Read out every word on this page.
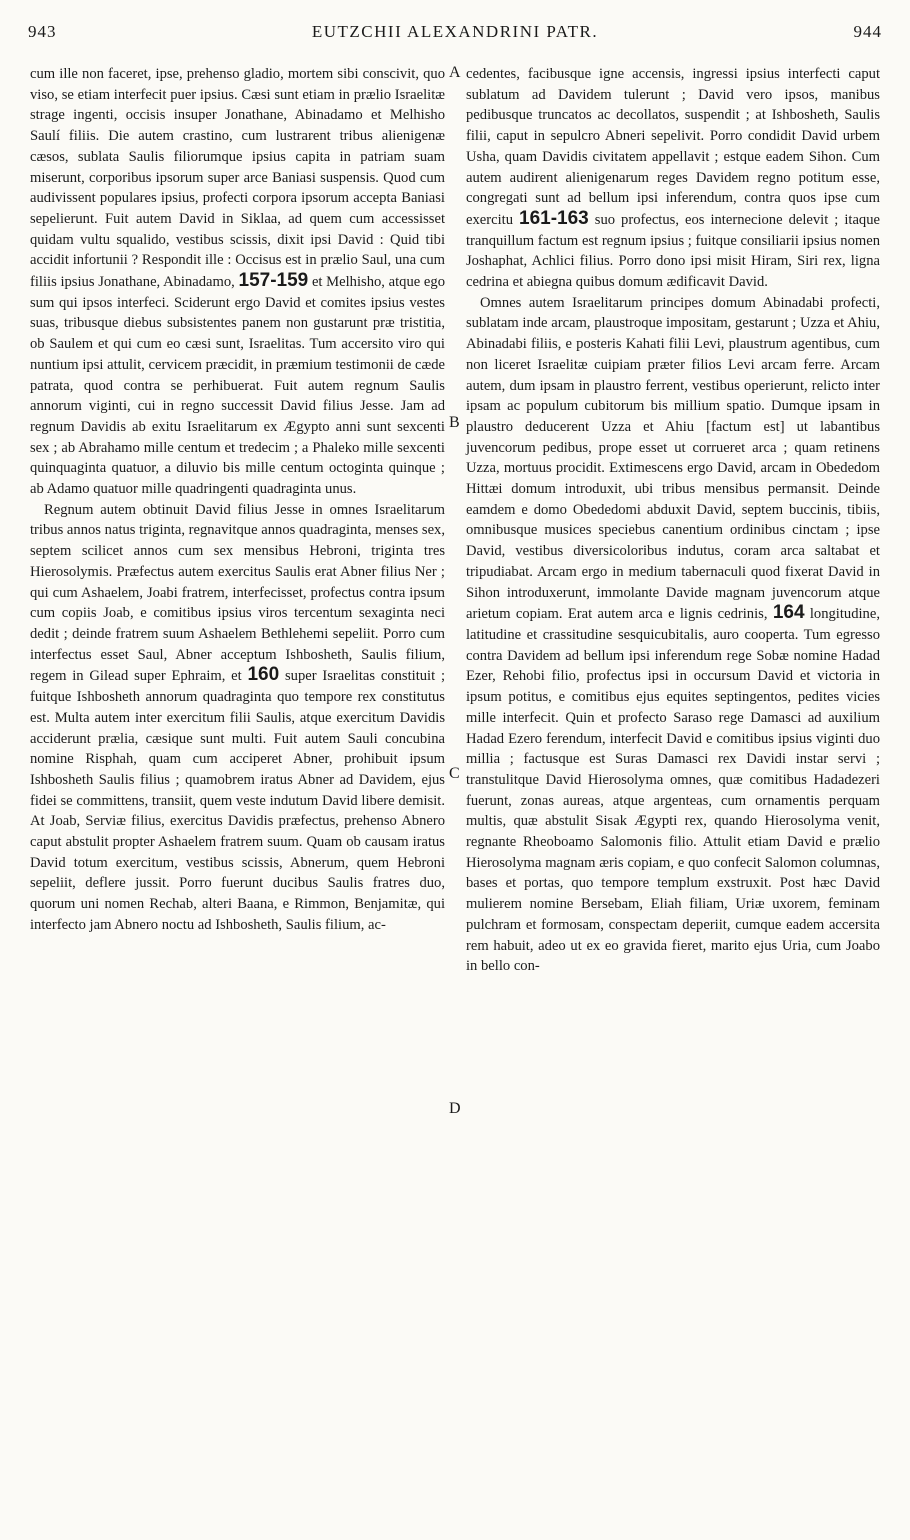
943	EUTZCHII ALEXANDRINI PATR.	944
A
B
C
D

cum ille non faceret, ipse, prehenso gladio, mortem sibi conscivit, quo viso, se etiam interfecit puer ipsius. Cæsi sunt etiam in prælio Israelitæ strage ingenti, occisis insuper Jonathane, Abinadamo et Melhisho Saulí filiis. Die autem crastino, cum lustrarent tribus alienigenæ cæsos, sublata Saulis filiorumque ipsius capita in patriam suam miserunt, corporibus ipsorum super arce Baniasi suspensis. Quod cum audivissent populares ipsius, profecti corpora ipsorum accepta Baniasi sepelierunt. Fuit autem David in Siklaa, ad quem cum accessisset quidam vultu squalido, vestibus scissis, dixit ipsi David : Quid tibi accidit infortunii ? Respondit ille : Occisus est in prælio Saul, una cum filiis ipsius Jonathane, Abinadamo, 157-159 et Melhisho, atque ego sum qui ipsos interfeci. Sciderunt ergo David et comites ipsius vestes suas, tribusque diebus subsistentes panem non gustarunt præ tristitia, ob Saulem et qui cum eo cæsi sunt, Israelitas. Tum accersito viro qui nuntium ipsi attulit, cervicem præcidit, in præmium testimonii de cæde patrata, quod contra se perhibuerat. Fuit autem regnum Saulis annorum viginti, cui in regno successit David filius Jesse. Jam ad regnum Davidis ab exitu Israelitarum ex Ægypto anni sunt sexcenti sex ; ab Abrahamo mille centum et tredecim ; a Phaleko mille sexcenti quinquaginta quatuor, a diluvio bis mille centum octoginta quinque ; ab Adamo quatuor mille quadringenti quadraginta unus.

Regnum autem obtinuit David filius Jesse in omnes Israelitarum tribus annos natus triginta, regnavitque annos quadraginta, menses sex, septem scilicet annos cum sex mensibus Hebroni, triginta tres Hierosolymis. Præfectus autem exercitus Saulis erat Abner filius Ner ; qui cum Ashaelem, Joabi fratrem, interfecisset, profectus contra ipsum cum copiis Joab, e comitibus ipsius viros tercentum sexaginta neci dedit ; deinde fratrem suum Ashaelem Bethlehemi sepeliit. Porro cum interfectus esset Saul, Abner acceptum Ishbosheth, Saulis filium, regem in Gilead super Ephraim, et 160 super Israelitas constituit ; fuitque Ishbosheth annorum quadraginta quo tempore rex constitutus est. Multa autem inter exercitum filii Saulis, atque exercitum Davidis acciderunt prælia, cæsique sunt multi. Fuit autem Sauli concubina nomine Risphah, quam cum acciperet Abner, prohibuit ipsum Ishbosheth Saulis filius ; quamobrem iratus Abner ad Davidem, ejus fidei se committens, transiit, quem veste indutum David libere demisit. At Joab, Serviæ filius, exercitus Davidis præfectus, prehenso Abnero caput abstulit propter Ashaelem fratrem suum. Quam ob causam iratus David totum exercitum, vestibus scissis, Abnerum, quem Hebroni sepeliit, deflere jussit. Porro fuerunt ducibus Saulis fratres duo, quorum uni nomen Rechab, alteri Baana, e Rimmon, Benjamitæ, qui interfecto jam Abnero noctu ad Ishbosheth, Saulis filium, ac-

cedentes, facibusque igne accensis, ingressi ipsius interfecti caput sublatum ad Davidem tulerunt ; David vero ipsos, manibus pedibusque truncatos ac decollatos, suspendit ; at Ishbosheth, Saulis filii, caput in sepulcro Abneri sepelivit. Porro condidit David urbem Usha, quam Davidis civitatem appellavit ; estque eadem Sihon. Cum autem audirent alienigenarum reges Davidem regno potitum esse, congregati sunt ad bellum ipsi inferendum, contra quos ipse cum exercitu 161-163 suo profectus, eos internecione delevit ; itaque tranquillum factum est regnum ipsius ; fuitque consiliarii ipsius nomen Joshaphat, Achlici filius. Porro dono ipsi misit Hiram, Siri rex, ligna cedrina et abiegna quibus domum ædificavit David.

Omnes autem Israelitarum principes domum Abinadabi profecti, sublatam inde arcam, plaustroque impositam, gestarunt ; Uzza et Ahiu, Abinadabi filiis, e posteris Kahati filii Levi, plaustrum agentibus, cum non liceret Israelitæ cuipiam præter filios Levi arcam ferre. Arcam autem, dum ipsam in plaustro ferrent, vestibus operierunt, relicto inter ipsam ac populum cubitorum bis millium spatio. Dumque ipsam in plaustro deducerent Uzza et Ahiu [factum est] ut labantibus juvencorum pedibus, prope esset ut corrueret arca ; quam retinens Uzza, mortuus procidit. Extimescens ergo David, arcam in Obededom Hittæi domum introduxit, ubi tribus mensibus permansit. Deinde eamdem e domo Obededomi abduxit David, septem buccinis, tibiis, omnibusque musices speciebus canentium ordinibus cinctam ; ipse David, vestibus diversicoloribus indutus, coram arca saltabat et tripudiabat. Arcam ergo in medium tabernaculi quod fixerat David in Sihon introduxerunt, immolante Davide magnam juvencorum atque arietum copiam. Erat autem arca e lignis cedrinis, 164 longitudine, latitudine et crassitudine sesquicubitalis, auro cooperta. Tum egresso contra Davidem ad bellum ipsi inferendum rege Sobæ nomine Hadad Ezer, Rehobi filio, profectus ipsi in occursum David et victoria in ipsum potitus, e comitibus ejus equites septingentos, pedites vicies mille interfecit. Quin et profecto Saraso rege Damasci ad auxilium Hadad Ezero ferendum, interfecit David e comitibus ipsius viginti duo millia ; factusque est Suras Damasci rex Davidi instar servi ; transtulitque David Hierosolyma omnes, quæ comitibus Hadadezeri fuerunt, zonas aureas, atque argenteas, cum ornamentis perquam multis, quæ abstulit Sisak Ægypti rex, quando Hierosolyma venit, regnante Rheoboamo Salomonis filio. Attulit etiam David e prælio Hierosolyma magnam æris copiam, e quo confecit Salomon columnas, bases et portas, quo tempore templum exstruxit. Post hæc David mulierem nomine Bersebam, Eliah filiam, Uriæ uxorem, feminam pulchram et formosam, conspectam deperiit, cumque eadem accersita rem habuit, adeo ut ex eo gravida fieret, marito ejus Uria, cum Joabo in bello con-
